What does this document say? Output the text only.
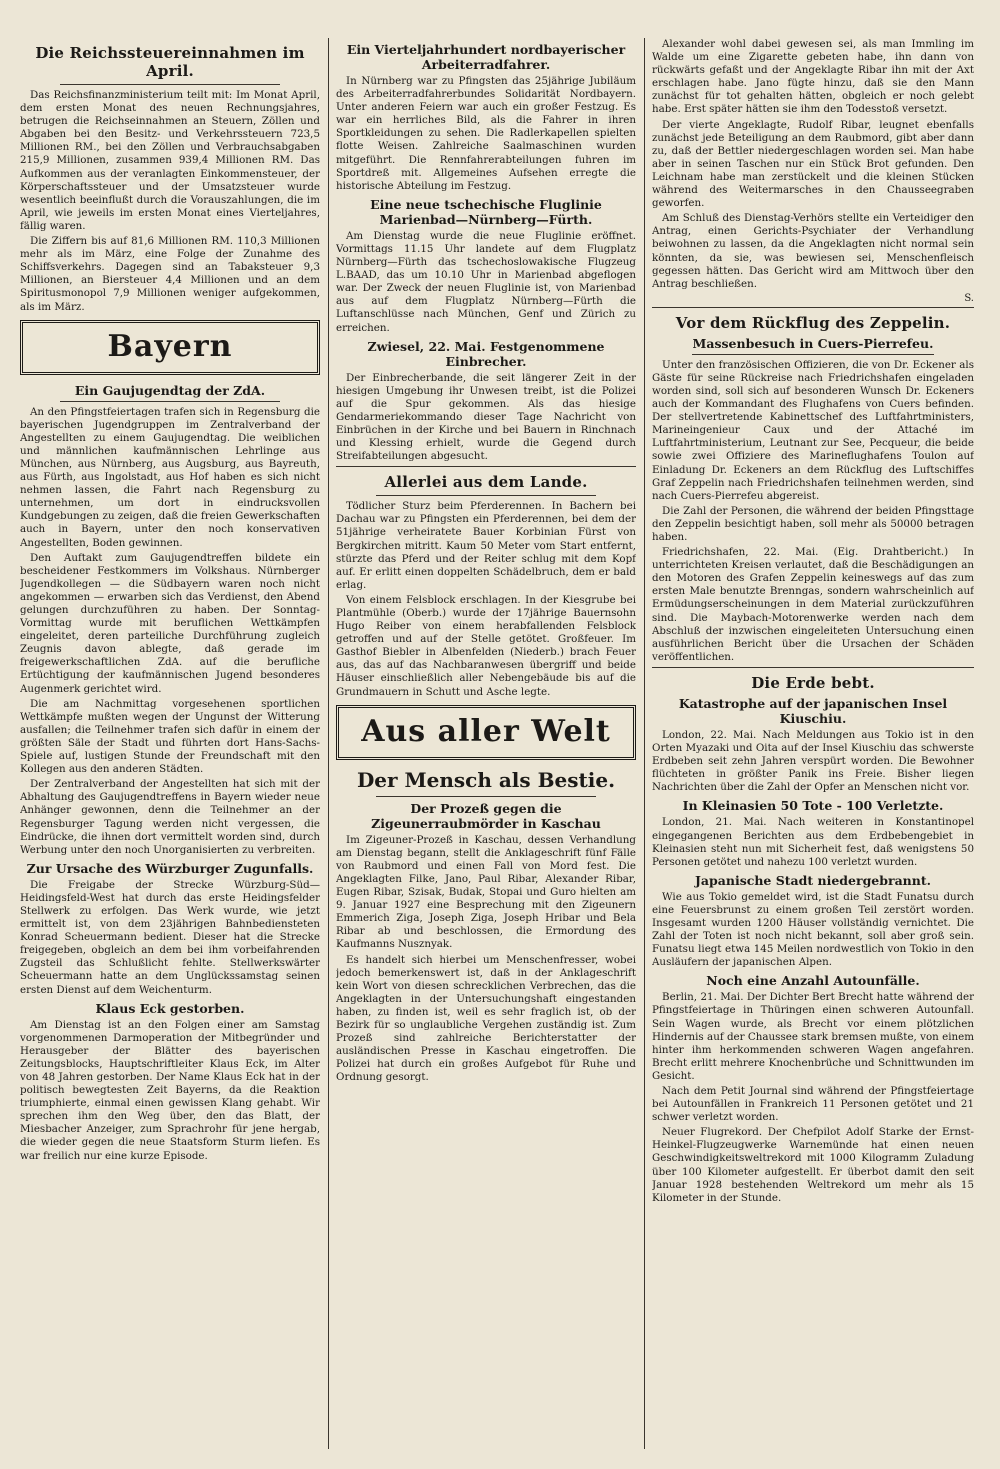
Die Reichssteuereinnahmen im April.

Das Reichsfinanzministerium teilt mit: Im Monat April, dem ersten Monat des neuen Rechnungsjahres, betrugen die Reichseinnahmen an Steuern, Zöllen und Abgaben bei den Besitz- und Verkehrssteuern 723,5 Millionen RM., bei den Zöllen und Verbrauchsabgaben 215,9 Millionen, zusammen 939,4 Millionen RM. Das Aufkommen aus der veranlagten Einkommensteuer, der Körperschaftssteuer und der Umsatzsteuer wurde wesentlich beeinflußt durch die Vorauszahlungen, die im April, wie jeweils im ersten Monat eines Vierteljahres, fällig waren.

Die Ziffern bis auf 81,6 Millionen RM. 110,3 Millionen mehr als im März, eine Folge der Zunahme des Schiffsverkehrs. Dagegen sind an Tabaksteuer 9,3 Millionen, an Biersteuer 4,4 Millionen und an dem Spiritusmonopol 7,9 Millionen weniger aufgekommen, als im März.

Bayern
Ein Gaujugendtag der ZdA.

An den Pfingstfeiertagen trafen sich in Regensburg die bayerischen Jugendgruppen im Zentralverband der Angestellten zu einem Gaujugendtag. Die weiblichen und männlichen kaufmännischen Lehrlinge aus München, aus Nürnberg, aus Augsburg, aus Bayreuth, aus Fürth, aus Ingolstadt, aus Hof haben es sich nicht nehmen lassen, die Fahrt nach Regensburg zu unternehmen, um dort in eindrucksvollen Kundgebungen zu zeigen, daß die freien Gewerkschaften auch in Bayern, unter den noch konservativen Angestellten, Boden gewinnen.

Den Auftakt zum Gaujugendtreffen bildete ein bescheidener Festkommers im Volkshaus. Nürnberger Jugendkollegen — die Südbayern waren noch nicht angekommen — erwarben sich das Verdienst, den Abend gelungen durchzuführen zu haben. Der Sonntag-Vormittag wurde mit beruflichen Wettkämpfen eingeleitet, deren parteiliche Durchführung zugleich Zeugnis davon ablegte, daß gerade im freigewerkschaftlichen ZdA. auf die berufliche Ertüchtigung der kaufmännischen Jugend besonderes Augenmerk gerichtet wird.

Die am Nachmittag vorgesehenen sportlichen Wettkämpfe mußten wegen der Ungunst der Witterung ausfallen; die Teilnehmer trafen sich dafür in einem der größten Säle der Stadt und führten dort Hans-Sachs-Spiele auf, lustigen Stunde der Freundschaft mit den Kollegen aus den anderen Städten.

Der Zentralverband der Angestellten hat sich mit der Abhaltung des Gaujugendtreffens in Bayern wieder neue Anhänger gewonnen, denn die Teilnehmer an der Regensburger Tagung werden nicht vergessen, die Eindrücke, die ihnen dort vermittelt worden sind, durch Werbung unter den noch Unorganisierten zu verbreiten.

Zur Ursache des Würzburger Zugunfalls.

Die Freigabe der Strecke Würzburg-Süd—Heidingsfeld-West hat durch das erste Heidingsfelder Stellwerk zu erfolgen. Das Werk wurde, wie jetzt ermittelt ist, von dem 23jährigen Bahnbediensteten Konrad Scheuermann bedient. Dieser hat die Strecke freigegeben, obgleich an dem bei ihm vorbeifahrenden Zugsteil das Schlußlicht fehlte. Stellwerkswärter Scheuermann hatte an dem Unglückssamstag seinen ersten Dienst auf dem Weichenturm.

Klaus Eck gestorben.

Am Dienstag ist an den Folgen einer am Samstag vorgenommenen Darmoperation der Mitbegründer und Herausgeber der Blätter des bayerischen Zeitungsblocks, Hauptschriftleiter Klaus Eck, im Alter von 48 Jahren gestorben. Der Name Klaus Eck hat in der politisch bewegtesten Zeit Bayerns, da die Reaktion triumphierte, einmal einen gewissen Klang gehabt. Wir sprechen ihm den Weg über, den das Blatt, der Miesbacher Anzeiger, zum Sprachrohr für jene hergab, die wieder gegen die neue Staatsform Sturm liefen. Es war freilich nur eine kurze Episode.

Ein Vierteljahrhundert nordbayerischer Arbeiterradfahrer.

In Nürnberg war zu Pfingsten das 25jährige Jubiläum des Arbeiterradfahrerbundes Solidarität Nordbayern. Unter anderen Feiern war auch ein großer Festzug. Es war ein herrliches Bild, als die Fahrer in ihren Sportkleidungen zu sehen. Die Radlerkapellen spielten flotte Weisen. Zahlreiche Saalmaschinen wurden mitgeführt. Die Rennfahrerabteilungen fuhren im Sportdreß mit. Allgemeines Aufsehen erregte die historische Abteilung im Festzug.

Eine neue tschechische Fluglinie Marienbad—Nürnberg—Fürth.

Am Dienstag wurde die neue Fluglinie eröffnet. Vormittags 11.15 Uhr landete auf dem Flugplatz Nürnberg—Fürth das tschechoslowakische Flugzeug L.BAAD, das um 10.10 Uhr in Marienbad abgeflogen war. Der Zweck der neuen Fluglinie ist, von Marienbad aus auf dem Flugplatz Nürnberg—Fürth die Luftanschlüsse nach München, Genf und Zürich zu erreichen.

Zwiesel, 22. Mai. Festgenommene Einbrecher.

Der Einbrecherbande, die seit längerer Zeit in der hiesigen Umgebung ihr Unwesen treibt, ist die Polizei auf die Spur gekommen. Als das hiesige Gendarmeriekommando dieser Tage Nachricht von Einbrüchen in der Kirche und bei Bauern in Rinchnach und Klessing erhielt, wurde die Gegend durch Streifabteilungen abgesucht.

Allerlei aus dem Lande.

Tödlicher Sturz beim Pferderennen. In Bachern bei Dachau war zu Pfingsten ein Pferderennen, bei dem der 51jährige verheiratete Bauer Korbinian Fürst von Bergkirchen mitritt. Kaum 50 Meter vom Start entfernt, stürzte das Pferd und der Reiter schlug mit dem Kopf auf. Er erlitt einen doppelten Schädelbruch, dem er bald erlag.

Von einem Felsblock erschlagen. In der Kiesgrube bei Plantmühle (Oberb.) wurde der 17jährige Bauernsohn Hugo Reiber von einem herabfallenden Felsblock getroffen und auf der Stelle getötet. Großfeuer. Im Gasthof Biebler in Albenfelden (Niederb.) brach Feuer aus, das auf das Nachbaranwesen übergriff und beide Häuser einschließlich aller Nebengebäude bis auf die Grundmauern in Schutt und Asche legte.

Aus aller Welt
Der Mensch als Bestie.
Der Prozeß gegen die Zigeunerraubmörder in Kaschau

Im Zigeuner-Prozeß in Kaschau, dessen Verhandlung am Dienstag begann, stellt die Anklageschrift fünf Fälle von Raubmord und einen Fall von Mord fest. Die Angeklagten Filke, Jano, Paul Ribar, Alexander Ribar, Eugen Ribar, Szisak, Budak, Stopai und Guro hielten am 9. Januar 1927 eine Besprechung mit den Zigeunern Emmerich Ziga, Joseph Ziga, Joseph Hribar und Bela Ribar ab und beschlossen, die Ermordung des Kaufmanns Nusznyak.

Es handelt sich hierbei um Menschenfresser, wobei jedoch bemerkenswert ist, daß in der Anklageschrift kein Wort von diesen schrecklichen Verbrechen, das die Angeklagten in der Untersuchungshaft eingestanden haben, zu finden ist, weil es sehr fraglich ist, ob der Bezirk für so unglaubliche Vergehen zuständig ist. Zum Prozeß sind zahlreiche Berichterstatter der ausländischen Presse in Kaschau eingetroffen. Die Polizei hat durch ein großes Aufgebot für Ruhe und Ordnung gesorgt.

Alexander wohl dabei gewesen sei, als man Immling im Walde um eine Zigarette gebeten habe, ihn dann von rückwärts gefaßt und der Angeklagte Ribar ihn mit der Axt erschlagen habe. Jano fügte hinzu, daß sie den Mann zunächst für tot gehalten hätten, obgleich er noch gelebt habe. Erst später hätten sie ihm den Todesstoß versetzt.

Der vierte Angeklagte, Rudolf Ribar, leugnet ebenfalls zunächst jede Beteiligung an dem Raubmord, gibt aber dann zu, daß der Bettler niedergeschlagen worden sei. Man habe aber in seinen Taschen nur ein Stück Brot gefunden. Den Leichnam habe man zerstückelt und die kleinen Stücken während des Weitermarsches in den Chausseegraben geworfen.

Am Schluß des Dienstag-Verhörs stellte ein Verteidiger den Antrag, einen Gerichts-Psychiater der Verhandlung beiwohnen zu lassen, da die Angeklagten nicht normal sein könnten, da sie, was bewiesen sei, Menschenfleisch gegessen hätten. Das Gericht wird am Mittwoch über den Antrag beschließen.

S.
Vor dem Rückflug des Zeppelin.
Massenbesuch in Cuers-Pierrefeu.

Unter den französischen Offizieren, die von Dr. Eckener als Gäste für seine Rückreise nach Friedrichshafen eingeladen worden sind, soll sich auf besonderen Wunsch Dr. Eckeners auch der Kommandant des Flughafens von Cuers befinden. Der stellvertretende Kabinettschef des Luftfahrtministers, Marineingenieur Caux und der Attaché im Luftfahrtministerium, Leutnant zur See, Pecqueur, die beide sowie zwei Offiziere des Marineflughafens Toulon auf Einladung Dr. Eckeners an dem Rückflug des Luftschiffes Graf Zeppelin nach Friedrichshafen teilnehmen werden, sind nach Cuers-Pierrefeu abgereist.

Die Zahl der Personen, die während der beiden Pfingsttage den Zeppelin besichtigt haben, soll mehr als 50000 betragen haben.

Friedrichshafen, 22. Mai. (Eig. Drahtbericht.) In unterrichteten Kreisen verlautet, daß die Beschädigungen an den Motoren des Grafen Zeppelin keineswegs auf das zum ersten Male benutzte Brenngas, sondern wahrscheinlich auf Ermüdungserscheinungen in dem Material zurückzuführen sind. Die Maybach-Motorenwerke werden nach dem Abschluß der inzwischen eingeleiteten Untersuchung einen ausführlichen Bericht über die Ursachen der Schäden veröffentlichen.

Die Erde bebt.
Katastrophe auf der japanischen Insel Kiuschiu.

London, 22. Mai. Nach Meldungen aus Tokio ist in den Orten Myazaki und Oita auf der Insel Kiuschiu das schwerste Erdbeben seit zehn Jahren verspürt worden. Die Bewohner flüchteten in größter Panik ins Freie. Bisher liegen Nachrichten über die Zahl der Opfer an Menschen nicht vor.

In Kleinasien 50 Tote - 100 Verletzte.

London, 21. Mai. Nach weiteren in Konstantinopel eingegangenen Berichten aus dem Erdbebengebiet in Kleinasien steht nun mit Sicherheit fest, daß wenigstens 50 Personen getötet und nahezu 100 verletzt wurden.

Japanische Stadt niedergebrannt.

Wie aus Tokio gemeldet wird, ist die Stadt Funatsu durch eine Feuersbrunst zu einem großen Teil zerstört worden. Insgesamt wurden 1200 Häuser vollständig vernichtet. Die Zahl der Toten ist noch nicht bekannt, soll aber groß sein. Funatsu liegt etwa 145 Meilen nordwestlich von Tokio in den Ausläufern der japanischen Alpen.

Noch eine Anzahl Autounfälle.

Berlin, 21. Mai. Der Dichter Bert Brecht hatte während der Pfingstfeiertage in Thüringen einen schweren Autounfall. Sein Wagen wurde, als Brecht vor einem plötzlichen Hindernis auf der Chaussee stark bremsen mußte, von einem hinter ihm herkommenden schweren Wagen angefahren. Brecht erlitt mehrere Knochenbrüche und Schnittwunden im Gesicht.

Nach dem Petit Journal sind während der Pfingstfeiertage bei Autounfällen in Frankreich 11 Personen getötet und 21 schwer verletzt worden.

Neuer Flugrekord. Der Chefpilot Adolf Starke der Ernst-Heinkel-Flugzeugwerke Warnemünde hat einen neuen Geschwindigkeitsweltrekord mit 1000 Kilogramm Zuladung über 100 Kilometer aufgestellt. Er überbot damit den seit Januar 1928 bestehenden Weltrekord um mehr als 15 Kilometer in der Stunde.
